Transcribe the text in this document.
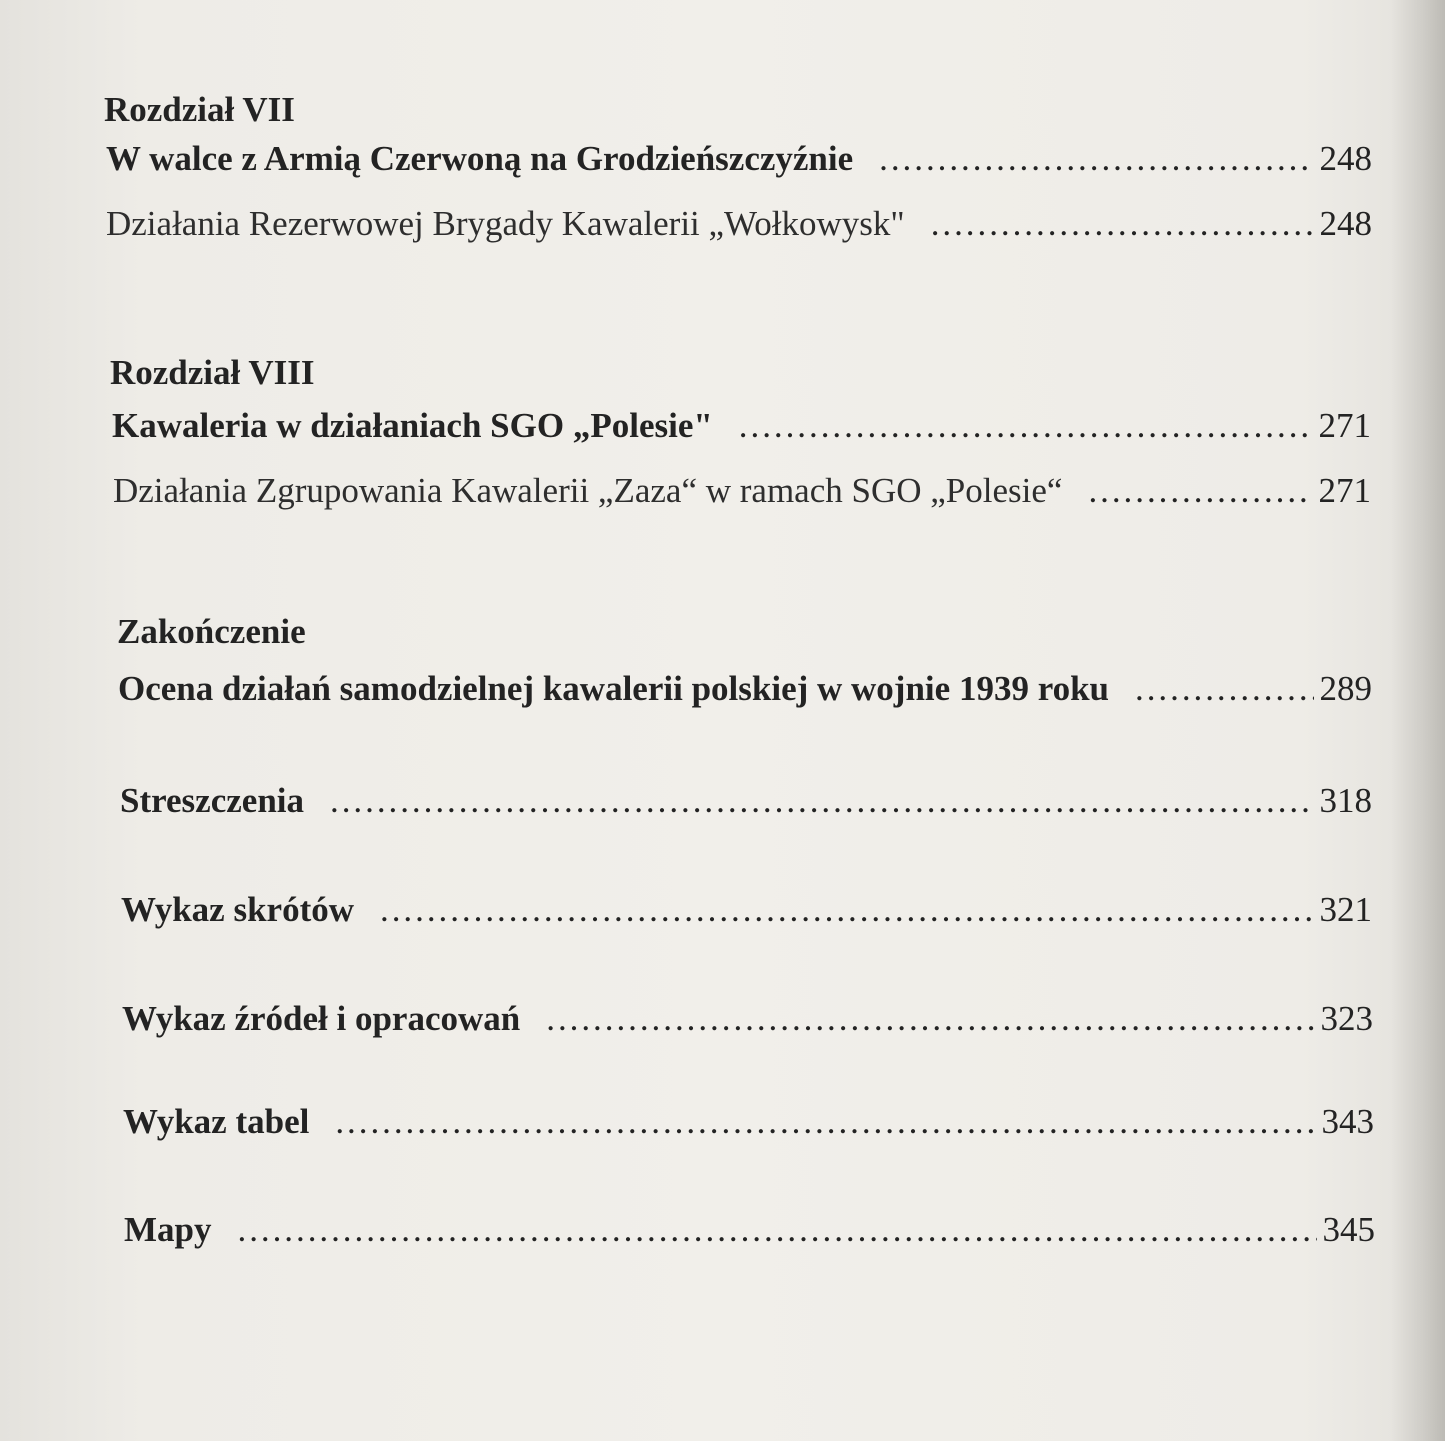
Rozdział VII
W walce z Armią Czerwoną na Grodzieńszczyźnie . . .	248
Działania Rezerwowej Brygady Kawalerii „Wołkowysk" . . .	248
Rozdział VIII
Kawaleria w działaniach SGO „Polesie" . . .	271
Działania Zgrupowania Kawalerii „Zaza“ w ramach SGO „Polesie“ . . .	271
Zakończenie
Ocena działań samodzielnej kawalerii polskiej w wojnie 1939 roku . . .	289
Streszczenia . . .	318
Wykaz skrótów . . .	321
Wykaz źródeł i opracowań . . .	323
Wykaz tabel . . .	343
Mapy . . .	345
